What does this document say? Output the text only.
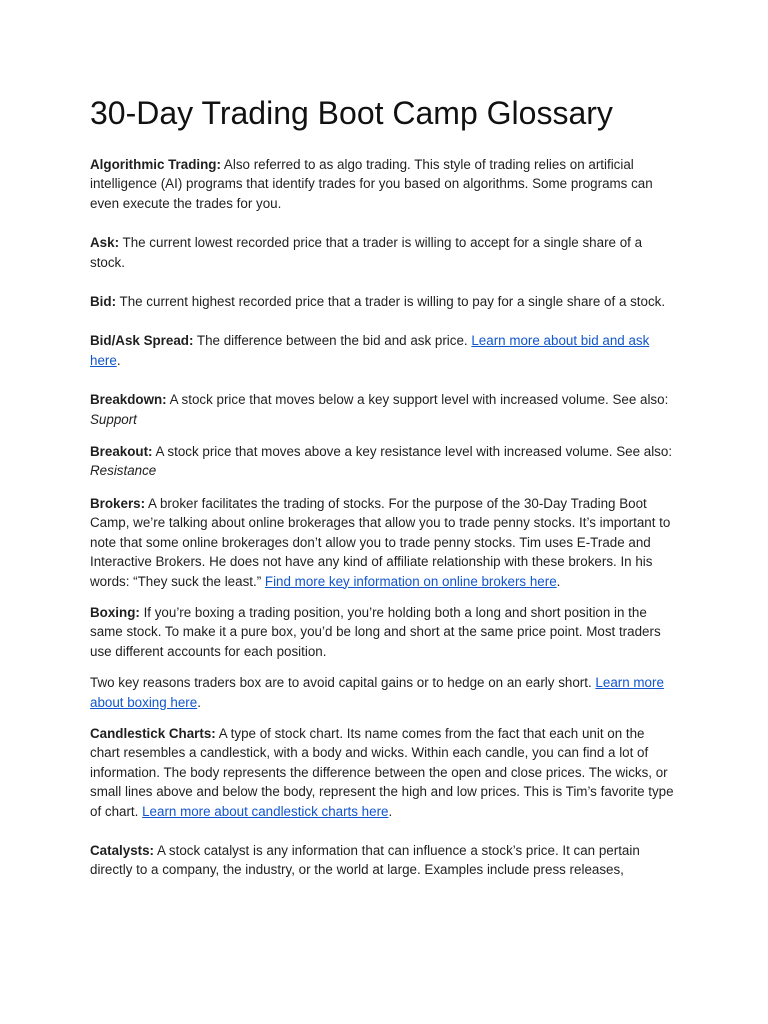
30-Day Trading Boot Camp Glossary

Algorithmic Trading: Also referred to as algo trading. This style of trading relies on artificial intelligence (AI) programs that identify trades for you based on algorithms. Some programs can even execute the trades for you.

Ask: The current lowest recorded price that a trader is willing to accept for a single share of a stock.

Bid: The current highest recorded price that a trader is willing to pay for a single share of a stock.

Bid/Ask Spread: The difference between the bid and ask price. Learn more about bid and ask here.

Breakdown: A stock price that moves below a key support level with increased volume. See also: Support

Breakout: A stock price that moves above a key resistance level with increased volume. See also: Resistance

Brokers: A broker facilitates the trading of stocks. For the purpose of the 30-Day Trading Boot Camp, we’re talking about online brokerages that allow you to trade penny stocks. It’s important to note that some online brokerages don’t allow you to trade penny stocks. Tim uses E-Trade and Interactive Brokers. He does not have any kind of affiliate relationship with these brokers. In his words: “They suck the least.” Find more key information on online brokers here.

Boxing: If you’re boxing a trading position, you’re holding both a long and short position in the same stock. To make it a pure box, you’d be long and short at the same price point. Most traders use different accounts for each position.

Two key reasons traders box are to avoid capital gains or to hedge on an early short. Learn more about boxing here.

Candlestick Charts: A type of stock chart. Its name comes from the fact that each unit on the chart resembles a candlestick, with a body and wicks. Within each candle, you can find a lot of information. The body represents the difference between the open and close prices. The wicks, or small lines above and below the body, represent the high and low prices. This is Tim’s favorite type of chart. Learn more about candlestick charts here.

Catalysts: A stock catalyst is any information that can influence a stock’s price. It can pertain directly to a company, the industry, or the world at large. Examples include press releases,
